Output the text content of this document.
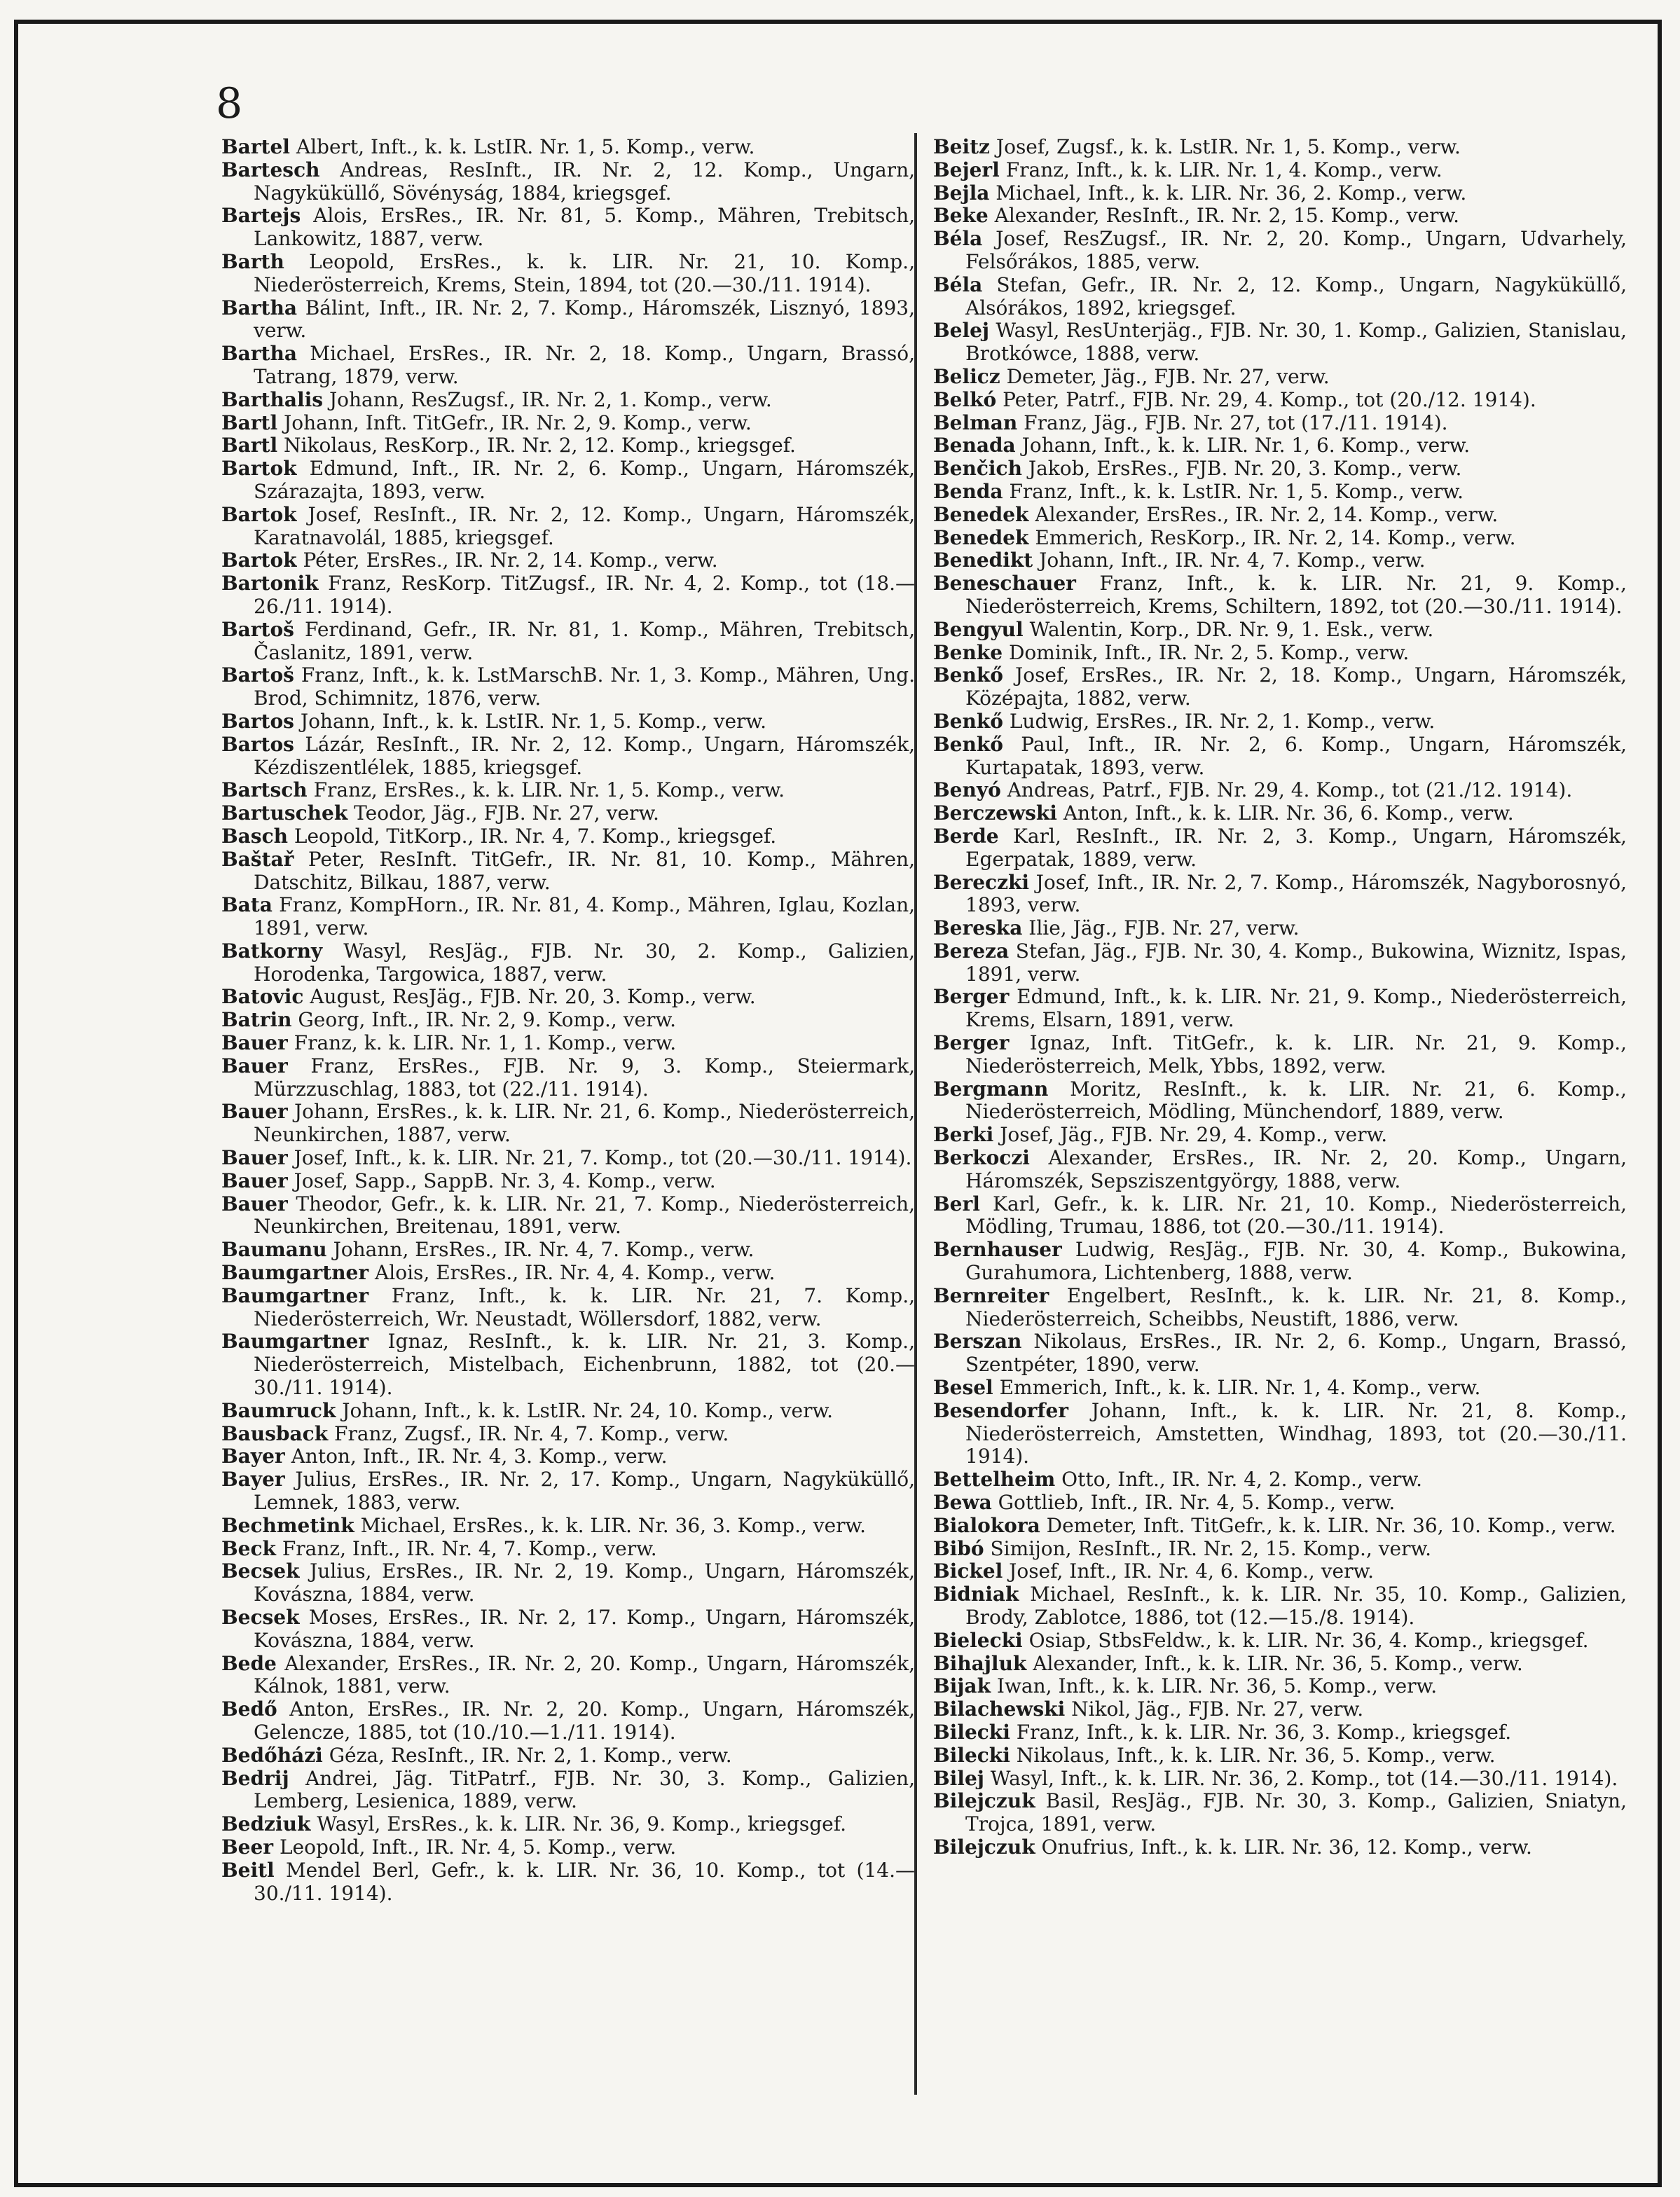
8

Bartel Albert, Inft., k. k. LstIR. Nr. 1, 5. Komp., verw.

Bartesch Andreas, ResInft., IR. Nr. 2, 12. Komp., Ungarn, Nagyküküllő, Sövényság, 1884, kriegsgef.

Bartejs Alois, ErsRes., IR. Nr. 81, 5. Komp., Mähren, Trebitsch, Lankowitz, 1887, verw.

Barth Leopold, ErsRes., k. k. LIR. Nr. 21, 10. Komp., Niederösterreich, Krems, Stein, 1894, tot (20.—30./11. 1914).

Bartha Bálint, Inft., IR. Nr. 2, 7. Komp., Háromszék, Lisznyó, 1893, verw.

Bartha Michael, ErsRes., IR. Nr. 2, 18. Komp., Ungarn, Brassó, Tatrang, 1879, verw.

Barthalis Johann, ResZugsf., IR. Nr. 2, 1. Komp., verw.

Bartl Johann, Inft. TitGefr., IR. Nr. 2, 9. Komp., verw.

Bartl Nikolaus, ResKorp., IR. Nr. 2, 12. Komp., kriegsgef.

Bartok Edmund, Inft., IR. Nr. 2, 6. Komp., Ungarn, Háromszék, Szárazajta, 1893, verw.

Bartok Josef, ResInft., IR. Nr. 2, 12. Komp., Ungarn, Háromszék, Karatnavolál, 1885, kriegsgef.

Bartok Péter, ErsRes., IR. Nr. 2, 14. Komp., verw.

Bartonik Franz, ResKorp. TitZugsf., IR. Nr. 4, 2. Komp., tot (18.—26./11. 1914).

Bartoš Ferdinand, Gefr., IR. Nr. 81, 1. Komp., Mähren, Trebitsch, Časlanitz, 1891, verw.

Bartoš Franz, Inft., k. k. LstMarschB. Nr. 1, 3. Komp., Mähren, Ung. Brod, Schimnitz, 1876, verw.

Bartos Johann, Inft., k. k. LstIR. Nr. 1, 5. Komp., verw.

Bartos Lázár, ResInft., IR. Nr. 2, 12. Komp., Ungarn, Háromszék, Kézdiszentlélek, 1885, kriegsgef.

Bartsch Franz, ErsRes., k. k. LIR. Nr. 1, 5. Komp., verw.

Bartuschek Teodor, Jäg., FJB. Nr. 27, verw.

Basch Leopold, TitKorp., IR. Nr. 4, 7. Komp., kriegsgef.

Baštař Peter, ResInft. TitGefr., IR. Nr. 81, 10. Komp., Mähren, Datschitz, Bilkau, 1887, verw.

Bata Franz, KompHorn., IR. Nr. 81, 4. Komp., Mähren, Iglau, Kozlan, 1891, verw.

Batkorny Wasyl, ResJäg., FJB. Nr. 30, 2. Komp., Galizien, Horodenka, Targowica, 1887, verw.

Batovic August, ResJäg., FJB. Nr. 20, 3. Komp., verw.

Batrin Georg, Inft., IR. Nr. 2, 9. Komp., verw.

Bauer Franz, k. k. LIR. Nr. 1, 1. Komp., verw.

Bauer Franz, ErsRes., FJB. Nr. 9, 3. Komp., Steiermark, Mürzzuschlag, 1883, tot (22./11. 1914).

Bauer Johann, ErsRes., k. k. LIR. Nr. 21, 6. Komp., Niederösterreich, Neunkirchen, 1887, verw.

Bauer Josef, Inft., k. k. LIR. Nr. 21, 7. Komp., tot (20.—30./11. 1914).

Bauer Josef, Sapp., SappB. Nr. 3, 4. Komp., verw.

Bauer Theodor, Gefr., k. k. LIR. Nr. 21, 7. Komp., Niederösterreich, Neunkirchen, Breitenau, 1891, verw.

Baumanu Johann, ErsRes., IR. Nr. 4, 7. Komp., verw.

Baumgartner Alois, ErsRes., IR. Nr. 4, 4. Komp., verw.

Baumgartner Franz, Inft., k. k. LIR. Nr. 21, 7. Komp., Niederösterreich, Wr. Neustadt, Wöllersdorf, 1882, verw.

Baumgartner Ignaz, ResInft., k. k. LIR. Nr. 21, 3. Komp., Niederösterreich, Mistelbach, Eichenbrunn, 1882, tot (20.—30./11. 1914).

Baumruck Johann, Inft., k. k. LstIR. Nr. 24, 10. Komp., verw.

Bausback Franz, Zugsf., IR. Nr. 4, 7. Komp., verw.

Bayer Anton, Inft., IR. Nr. 4, 3. Komp., verw.

Bayer Julius, ErsRes., IR. Nr. 2, 17. Komp., Ungarn, Nagyküküllő, Lemnek, 1883, verw.

Bechmetink Michael, ErsRes., k. k. LIR. Nr. 36, 3. Komp., verw.

Beck Franz, Inft., IR. Nr. 4, 7. Komp., verw.

Becsek Julius, ErsRes., IR. Nr. 2, 19. Komp., Ungarn, Háromszék, Kovászna, 1884, verw.

Becsek Moses, ErsRes., IR. Nr. 2, 17. Komp., Ungarn, Háromszék, Kovászna, 1884, verw.

Bede Alexander, ErsRes., IR. Nr. 2, 20. Komp., Ungarn, Háromszék, Kálnok, 1881, verw.

Bedő Anton, ErsRes., IR. Nr. 2, 20. Komp., Ungarn, Háromszék, Gelencze, 1885, tot (10./10.—1./11. 1914).

Bedőházi Géza, ResInft., IR. Nr. 2, 1. Komp., verw.

Bedrij Andrei, Jäg. TitPatrf., FJB. Nr. 30, 3. Komp., Galizien, Lemberg, Lesienica, 1889, verw.

Bedziuk Wasyl, ErsRes., k. k. LIR. Nr. 36, 9. Komp., kriegsgef.

Beer Leopold, Inft., IR. Nr. 4, 5. Komp., verw.

Beitl Mendel Berl, Gefr., k. k. LIR. Nr. 36, 10. Komp., tot (14.—30./11. 1914).

Beitz Josef, Zugsf., k. k. LstIR. Nr. 1, 5. Komp., verw.

Bejerl Franz, Inft., k. k. LIR. Nr. 1, 4. Komp., verw.

Bejla Michael, Inft., k. k. LIR. Nr. 36, 2. Komp., verw.

Beke Alexander, ResInft., IR. Nr. 2, 15. Komp., verw.

Béla Josef, ResZugsf., IR. Nr. 2, 20. Komp., Ungarn, Udvarhely, Felsőrákos, 1885, verw.

Béla Stefan, Gefr., IR. Nr. 2, 12. Komp., Ungarn, Nagyküküllő, Alsórákos, 1892, kriegsgef.

Belej Wasyl, ResUnterjäg., FJB. Nr. 30, 1. Komp., Galizien, Stanislau, Brotkówce, 1888, verw.

Belicz Demeter, Jäg., FJB. Nr. 27, verw.

Belkó Peter, Patrf., FJB. Nr. 29, 4. Komp., tot (20./12. 1914).

Belman Franz, Jäg., FJB. Nr. 27, tot (17./11. 1914).

Benada Johann, Inft., k. k. LIR. Nr. 1, 6. Komp., verw.

Benčich Jakob, ErsRes., FJB. Nr. 20, 3. Komp., verw.

Benda Franz, Inft., k. k. LstIR. Nr. 1, 5. Komp., verw.

Benedek Alexander, ErsRes., IR. Nr. 2, 14. Komp., verw.

Benedek Emmerich, ResKorp., IR. Nr. 2, 14. Komp., verw.

Benedikt Johann, Inft., IR. Nr. 4, 7. Komp., verw.

Beneschauer Franz, Inft., k. k. LIR. Nr. 21, 9. Komp., Niederösterreich, Krems, Schiltern, 1892, tot (20.—30./11. 1914).

Bengyul Walentin, Korp., DR. Nr. 9, 1. Esk., verw.

Benke Dominik, Inft., IR. Nr. 2, 5. Komp., verw.

Benkő Josef, ErsRes., IR. Nr. 2, 18. Komp., Ungarn, Háromszék, Középajta, 1882, verw.

Benkő Ludwig, ErsRes., IR. Nr. 2, 1. Komp., verw.

Benkő Paul, Inft., IR. Nr. 2, 6. Komp., Ungarn, Háromszék, Kurtapatak, 1893, verw.

Benyó Andreas, Patrf., FJB. Nr. 29, 4. Komp., tot (21./12. 1914).

Berczewski Anton, Inft., k. k. LIR. Nr. 36, 6. Komp., verw.

Berde Karl, ResInft., IR. Nr. 2, 3. Komp., Ungarn, Háromszék, Egerpatak, 1889, verw.

Bereczki Josef, Inft., IR. Nr. 2, 7. Komp., Háromszék, Nagyborosnyó, 1893, verw.

Bereska Ilie, Jäg., FJB. Nr. 27, verw.

Bereza Stefan, Jäg., FJB. Nr. 30, 4. Komp., Bukowina, Wiznitz, Ispas, 1891, verw.

Berger Edmund, Inft., k. k. LIR. Nr. 21, 9. Komp., Niederösterreich, Krems, Elsarn, 1891, verw.

Berger Ignaz, Inft. TitGefr., k. k. LIR. Nr. 21, 9. Komp., Niederösterreich, Melk, Ybbs, 1892, verw.

Bergmann Moritz, ResInft., k. k. LIR. Nr. 21, 6. Komp., Niederösterreich, Mödling, Münchendorf, 1889, verw.

Berki Josef, Jäg., FJB. Nr. 29, 4. Komp., verw.

Berkoczi Alexander, ErsRes., IR. Nr. 2, 20. Komp., Ungarn, Háromszék, Sepsziszentgyörgy, 1888, verw.

Berl Karl, Gefr., k. k. LIR. Nr. 21, 10. Komp., Niederösterreich, Mödling, Trumau, 1886, tot (20.—30./11. 1914).

Bernhauser Ludwig, ResJäg., FJB. Nr. 30, 4. Komp., Bukowina, Gurahumora, Lichtenberg, 1888, verw.

Bernreiter Engelbert, ResInft., k. k. LIR. Nr. 21, 8. Komp., Niederösterreich, Scheibbs, Neustift, 1886, verw.

Berszan Nikolaus, ErsRes., IR. Nr. 2, 6. Komp., Ungarn, Brassó, Szentpéter, 1890, verw.

Besel Emmerich, Inft., k. k. LIR. Nr. 1, 4. Komp., verw.

Besendorfer Johann, Inft., k. k. LIR. Nr. 21, 8. Komp., Niederösterreich, Amstetten, Windhag, 1893, tot (20.—30./11. 1914).

Bettelheim Otto, Inft., IR. Nr. 4, 2. Komp., verw.

Bewa Gottlieb, Inft., IR. Nr. 4, 5. Komp., verw.

Bialokora Demeter, Inft. TitGefr., k. k. LIR. Nr. 36, 10. Komp., verw.

Bibó Simijon, ResInft., IR. Nr. 2, 15. Komp., verw.

Bickel Josef, Inft., IR. Nr. 4, 6. Komp., verw.

Bidniak Michael, ResInft., k. k. LIR. Nr. 35, 10. Komp., Galizien, Brody, Zablotce, 1886, tot (12.—15./8. 1914).

Bielecki Osiap, StbsFeldw., k. k. LIR. Nr. 36, 4. Komp., kriegsgef.

Bihajluk Alexander, Inft., k. k. LIR. Nr. 36, 5. Komp., verw.

Bijak Iwan, Inft., k. k. LIR. Nr. 36, 5. Komp., verw.

Bilachewski Nikol, Jäg., FJB. Nr. 27, verw.

Bilecki Franz, Inft., k. k. LIR. Nr. 36, 3. Komp., kriegsgef.

Bilecki Nikolaus, Inft., k. k. LIR. Nr. 36, 5. Komp., verw.

Bilej Wasyl, Inft., k. k. LIR. Nr. 36, 2. Komp., tot (14.—30./11. 1914).

Bilejczuk Basil, ResJäg., FJB. Nr. 30, 3. Komp., Galizien, Sniatyn, Trojca, 1891, verw.

Bilejczuk Onufrius, Inft., k. k. LIR. Nr. 36, 12. Komp., verw.
